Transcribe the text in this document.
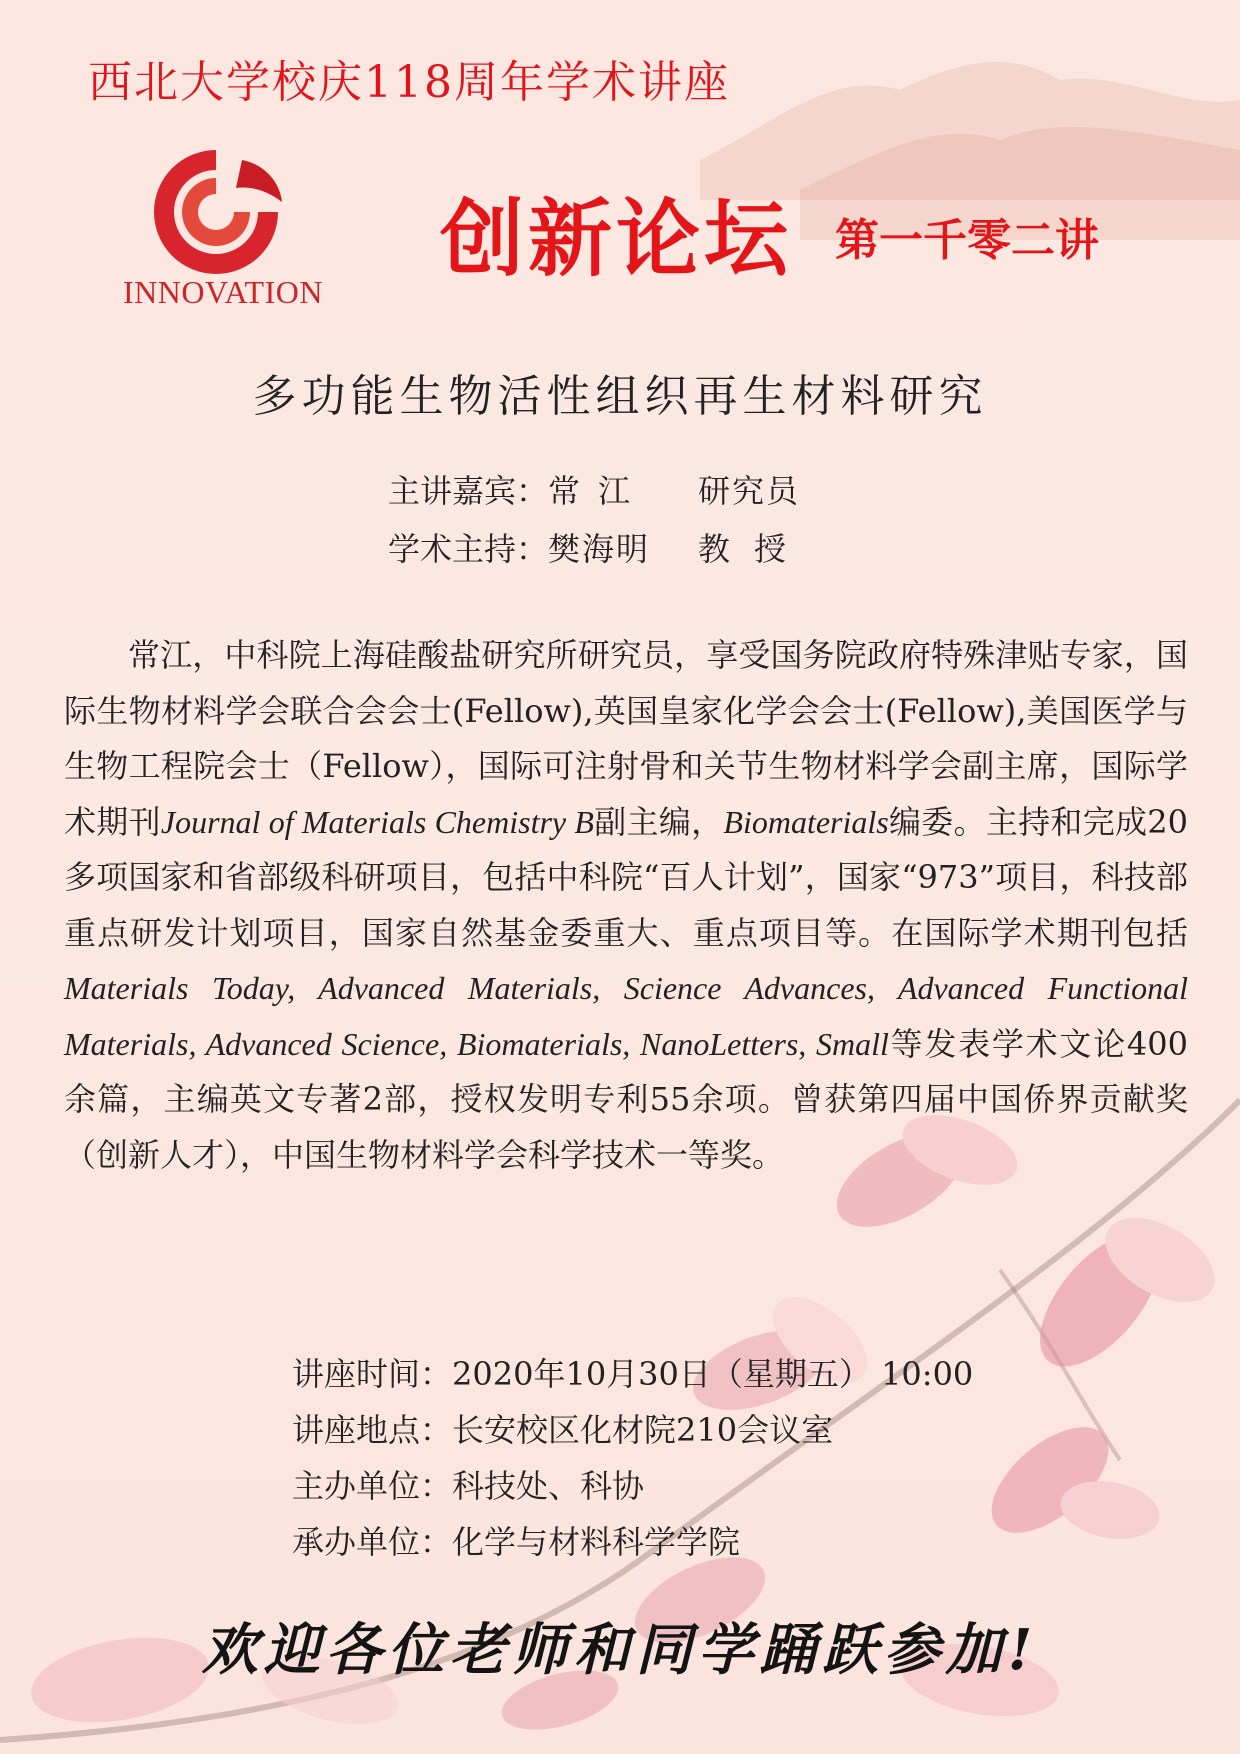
西北大学校庆118周年学术讲座
INNOVATION
创新论坛 第一千零二讲
多功能生物活性组织再生材料研究
主讲嘉宾：常江 研究员
学术主持：樊海明 教授

常江，中科院上海硅酸盐研究所研究员，享受国务院政府特殊津贴专家，国际生物材料学会联合会会士(Fellow),英国皇家化学会会士(Fellow),美国医学与生物工程院会士（Fellow），国际可注射骨和关节生物材料学会副主席，国际学术期刊Journal of Materials Chemistry B副主编，Biomaterials编委。主持和完成20多项国家和省部级科研项目，包括中科院“百人计划”，国家“973”项目，科技部重点研发计划项目，国家自然基金委重大、重点项目等。在国际学术期刊包括Materials Today, Advanced Materials, Science Advances, Advanced Functional Materials, Advanced Science, Biomaterials, NanoLetters, Small等发表学术文论400余篇，主编英文专著2部，授权发明专利55余项。曾获第四届中国侨界贡献奖（创新人才），中国生物材料学会科学技术一等奖。

讲座时间：2020年10月30日（星期五） 10:00
讲座地点：长安校区化材院210会议室
主办单位：科技处、科协
承办单位：化学与材料科学学院
欢迎各位老师和同学踊跃参加!
